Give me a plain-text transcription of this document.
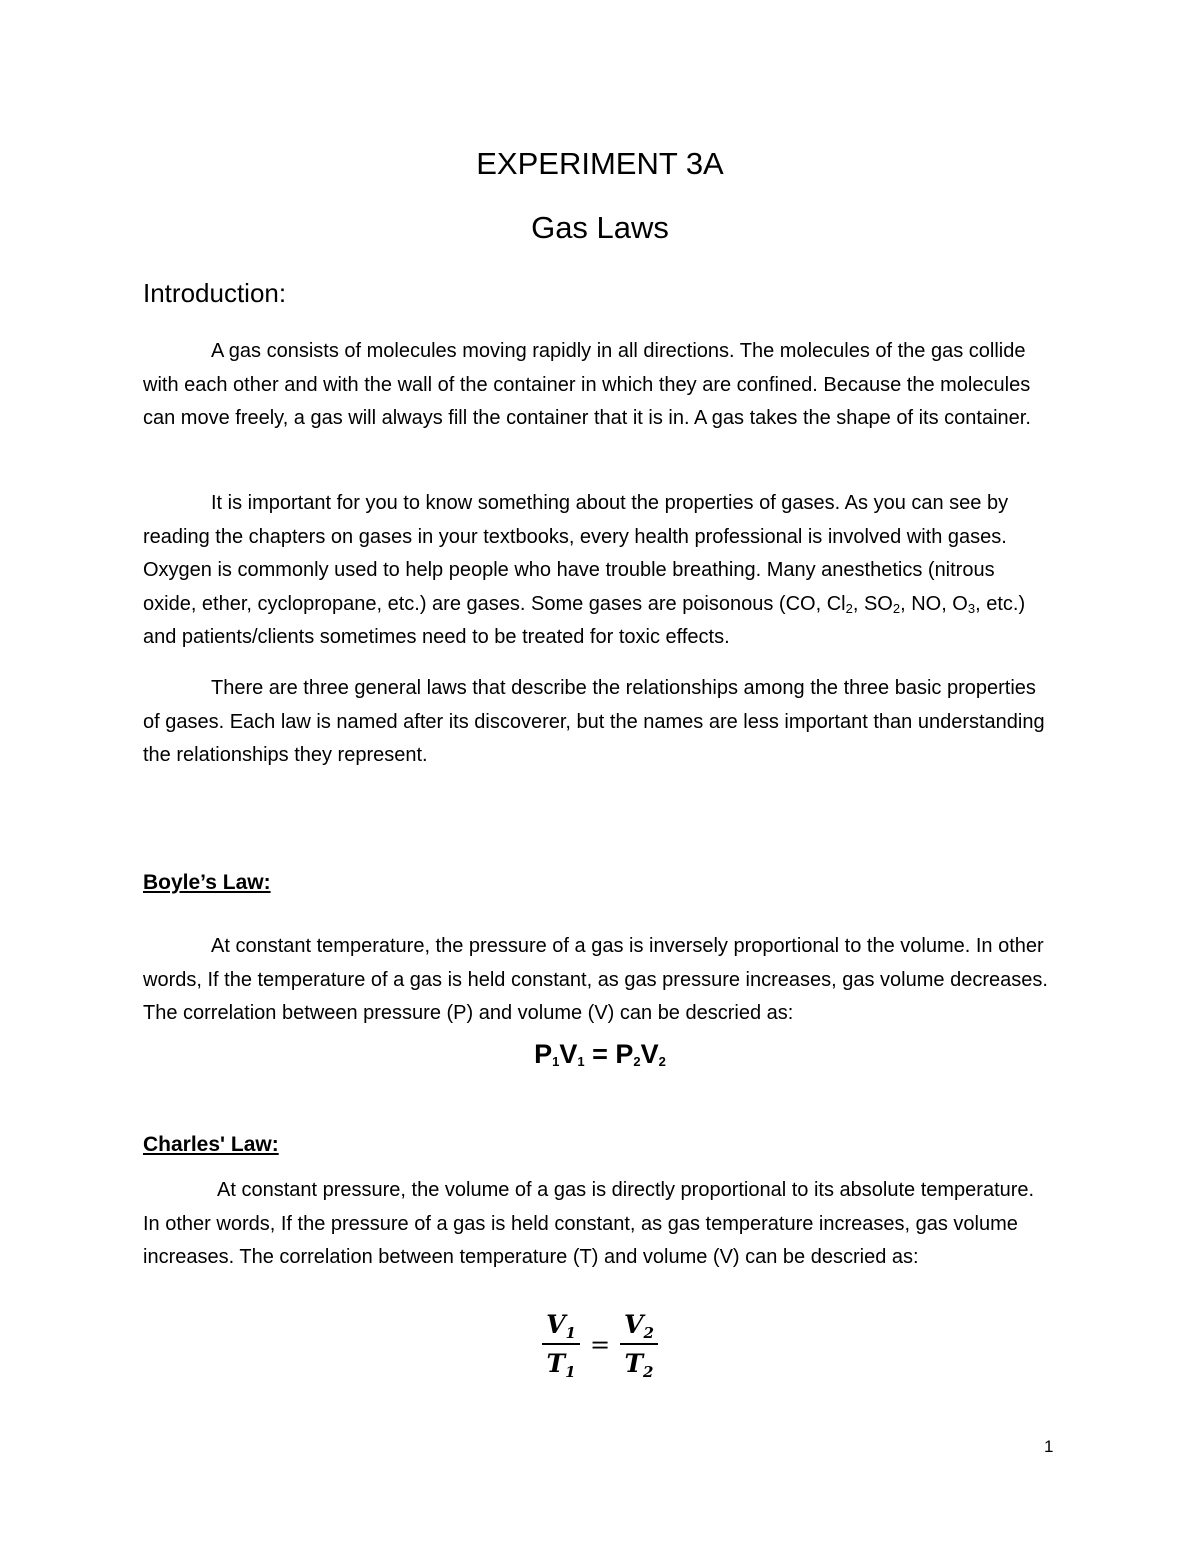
EXPERIMENT 3A
Gas Laws
Introduction:

A gas consists of molecules moving rapidly in all directions. The molecules of the gas collide with each other and with the wall of the container in which they are confined. Because the molecules can move freely, a gas will always fill the container that it is in. A gas takes the shape of its container.

It is important for you to know something about the properties of gases. As you can see by reading the chapters on gases in your textbooks, every health professional is involved with gases. Oxygen is commonly used to help people who have trouble breathing. Many anesthetics (nitrous oxide, ether, cyclopropane, etc.) are gases. Some gases are poisonous (CO, $Cl_2$, $SO_2$, NO, $O_3$, etc.) and patients/clients sometimes need to be treated for toxic effects.

There are three general laws that describe the relationships among the three basic properties of gases. Each law is named after its discoverer, but the names are less important than understanding the relationships they represent.

Boyle’s Law:

At constant temperature, the pressure of a gas is inversely proportional to the volume. In other words, If the temperature of a gas is held constant, as gas pressure increases, gas volume decreases. The correlation between pressure (P) and volume (V) can be descried as:

$P_1V_1 = P_2V_2$
Charles' Law:

At constant pressure, the volume of a gas is directly proportional to its absolute temperature. In other words, If the pressure of a gas is held constant, as gas temperature increases, gas volume increases. The correlation between temperature (T) and volume (V) can be descried as:

$\frac{V_1}{T_1} = \frac{V_2}{T_2}$
1
